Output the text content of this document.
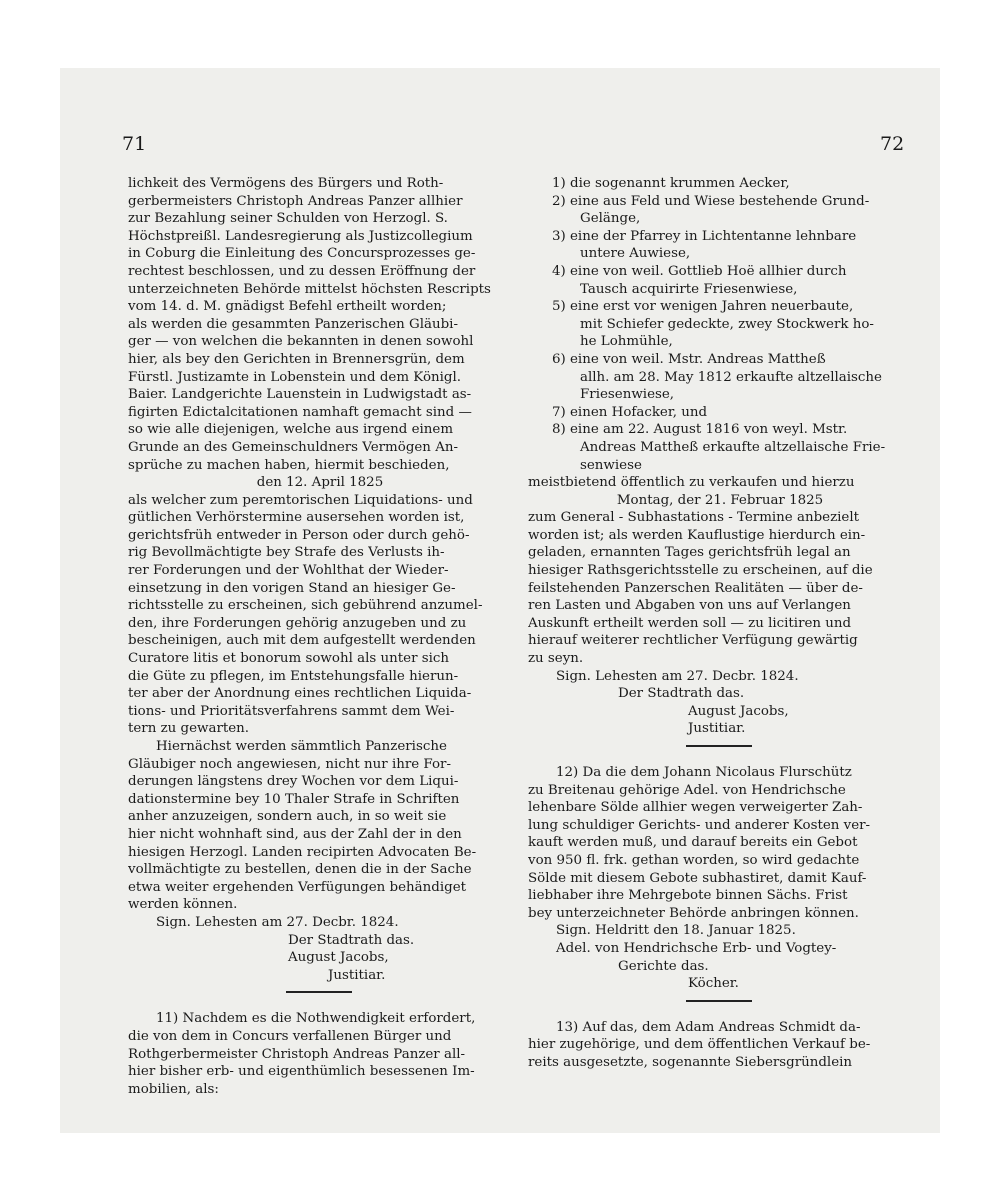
71	72
lichkeit des Vermögens des Bürgers und Roth-
gerbermeisters Christoph Andreas Panzer allhier
zur Bezahlung seiner Schulden von Herzogl. S.
Höchstpreißl. Landesregierung als Justizcollegium
in Coburg die Einleitung des Concursprozesses ge-
rechtest beschlossen, und zu dessen Eröffnung der
unterzeichneten Behörde mittelst höchsten Rescripts
vom 14. d. M. gnädigst Befehl ertheilt worden;
als werden die gesammten Panzerischen Gläubi-
ger — von welchen die bekannten in denen sowohl
hier, als bey den Gerichten in Brennersgrün, dem
Fürstl. Justizamte in Lobenstein und dem Königl.
Baier. Landgerichte Lauenstein in Ludwigstadt as-
figirten Edictalcitationen namhaft gemacht sind —
so wie alle diejenigen, welche aus irgend einem
Grunde an des Gemeinschuldners Vermögen An-
sprüche zu machen haben, hiermit beschieden,
den 12. April 1825
als welcher zum peremtorischen Liquidations- und
gütlichen Verhörstermine ausersehen worden ist,
gerichtsfrüh entweder in Person oder durch gehö-
rig Bevollmächtigte bey Strafe des Verlusts ih-
rer Forderungen und der Wohlthat der Wieder-
einsetzung in den vorigen Stand an hiesiger Ge-
richtsstelle zu erscheinen, sich gebührend anzumel-
den, ihre Forderungen gehörig anzugeben und zu
bescheinigen, auch mit dem aufgestellt werdenden
Curatore litis et bonorum sowohl als unter sich
die Güte zu pflegen, im Entstehungsfalle hierun-
ter aber der Anordnung eines rechtlichen Liquida-
tions- und Prioritätsverfahrens sammt dem Wei-
tern zu gewarten.
Hiernächst werden sämmtlich Panzerische
Gläubiger noch angewiesen, nicht nur ihre For-
derungen längstens drey Wochen vor dem Liqui-
dationstermine bey 10 Thaler Strafe in Schriften
anher anzuzeigen, sondern auch, in so weit sie
hier nicht wohnhaft sind, aus der Zahl der in den
hiesigen Herzogl. Landen recipirten Advocaten Be-
vollmächtigte zu bestellen, denen die in der Sache
etwa weiter ergehenden Verfügungen behändiget
werden können.
Sign. Lehesten am 27. Decbr. 1824.
Der Stadtrath das.
August Jacobs,
Justitiar.
11) Nachdem es die Nothwendigkeit erfordert,
die von dem in Concurs verfallenen Bürger und
Rothgerbermeister Christoph Andreas Panzer all-
hier bisher erb- und eigenthümlich besessenen Im-
mobilien, als:
1) die sogenannt krummen Aecker,
2) eine aus Feld und Wiese bestehende Grund-
Gelänge,
3) eine der Pfarrey in Lichtentanne lehnbare
untere Auwiese,
4) eine von weil. Gottlieb Hoë allhier durch
Tausch acquirirte Friesenwiese,
5) eine erst vor wenigen Jahren neuerbaute,
mit Schiefer gedeckte, zwey Stockwerk ho-
he Lohmühle,
6) eine von weil. Mstr. Andreas Mattheß
allh. am 28. May 1812 erkaufte altzellaische
Friesenwiese,
7) einen Hofacker, und
8) eine am 22. August 1816 von weyl. Mstr.
Andreas Mattheß erkaufte altzellaische Frie-
senwiese
meistbietend öffentlich zu verkaufen und hierzu
Montag, der 21. Februar 1825
zum General - Subhastations - Termine anbezielt
worden ist; als werden Kauflustige hierdurch ein-
geladen, ernannten Tages gerichtsfrüh legal an
hiesiger Rathsgerichtsstelle zu erscheinen, auf die
feilstehenden Panzerschen Realitäten — über de-
ren Lasten und Abgaben von uns auf Verlangen
Auskunft ertheilt werden soll — zu licitiren und
hierauf weiterer rechtlicher Verfügung gewärtig
zu seyn.
Sign. Lehesten am 27. Decbr. 1824.
Der Stadtrath das.
August Jacobs,
Justitiar.
12) Da die dem Johann Nicolaus Flurschütz
zu Breitenau gehörige Adel. von Hendrichsche
lehenbare Sölde allhier wegen verweigerter Zah-
lung schuldiger Gerichts- und anderer Kosten ver-
kauft werden muß, und darauf bereits ein Gebot
von 950 fl. frk. gethan worden, so wird gedachte
Sölde mit diesem Gebote subhastiret, damit Kauf-
liebhaber ihre Mehrgebote binnen Sächs. Frist
bey unterzeichneter Behörde anbringen können.
Sign. Heldritt den 18. Januar 1825.
Adel. von Hendrichsche Erb- und Vogtey-
Gerichte das.
Köcher.
13) Auf das, dem Adam Andreas Schmidt da-
hier zugehörige, und dem öffentlichen Verkauf be-
reits ausgesetzte, sogenannte Siebersgründlein
